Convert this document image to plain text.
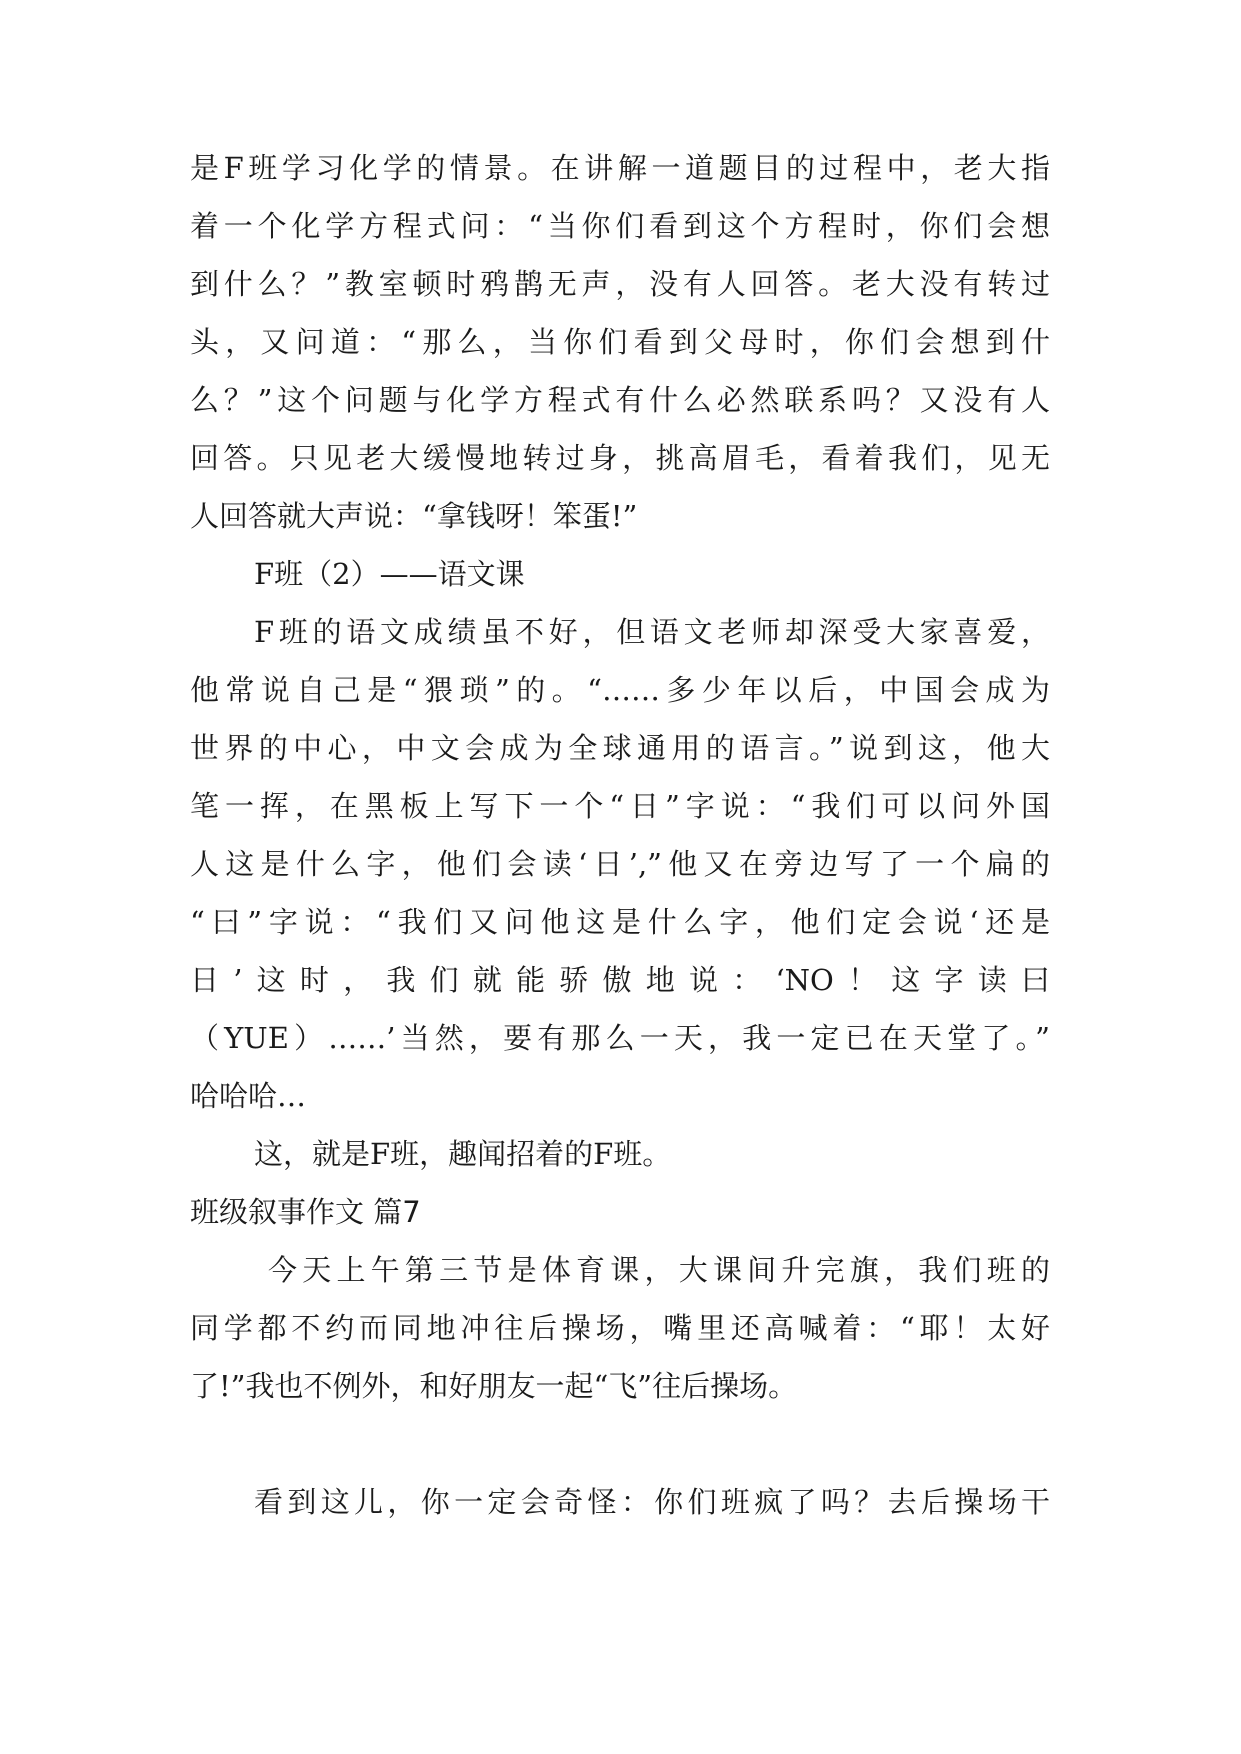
是F班学习化学的情景。在讲解一道题目的过程中，老大指
着一个化学方程式问：“当你们看到这个方程时，你们会想
到什么？”教室顿时鸦鹊无声，没有人回答。老大没有转过
头，又问道：“那么，当你们看到父母时，你们会想到什
么？”这个问题与化学方程式有什么必然联系吗？又没有人
回答。只见老大缓慢地转过身，挑高眉毛，看着我们，见无
人回答就大声说：“拿钱呀！笨蛋!”
F班（2）——语文课
F班的语文成绩虽不好，但语文老师却深受大家喜爱，
他常说自己是“猥琐”的。“……多少年以后，中国会成为
世界的中心，中文会成为全球通用的语言。”说到这，他大
笔一挥，在黑板上写下一个“日”字说：“我们可以问外国
人这是什么字，他们会读‘日’,”他又在旁边写了一个扁的
“曰”字说：“我们又问他这是什么字，他们定会说‘还是
日’这时，我们就能骄傲地说：‘NO！这字读曰
（YUE）……’当然，要有那么一天，我一定已在天堂了。”
哈哈哈…
这，就是F班，趣闻招着的F班。
班级叙事作文 篇7
今天上午第三节是体育课，大课间升完旗，我们班的
同学都不约而同地冲往后操场，嘴里还高喊着：“耶！太好
了!”我也不例外，和好朋友一起“飞”往后操场。
看到这儿，你一定会奇怪：你们班疯了吗？去后操场干
